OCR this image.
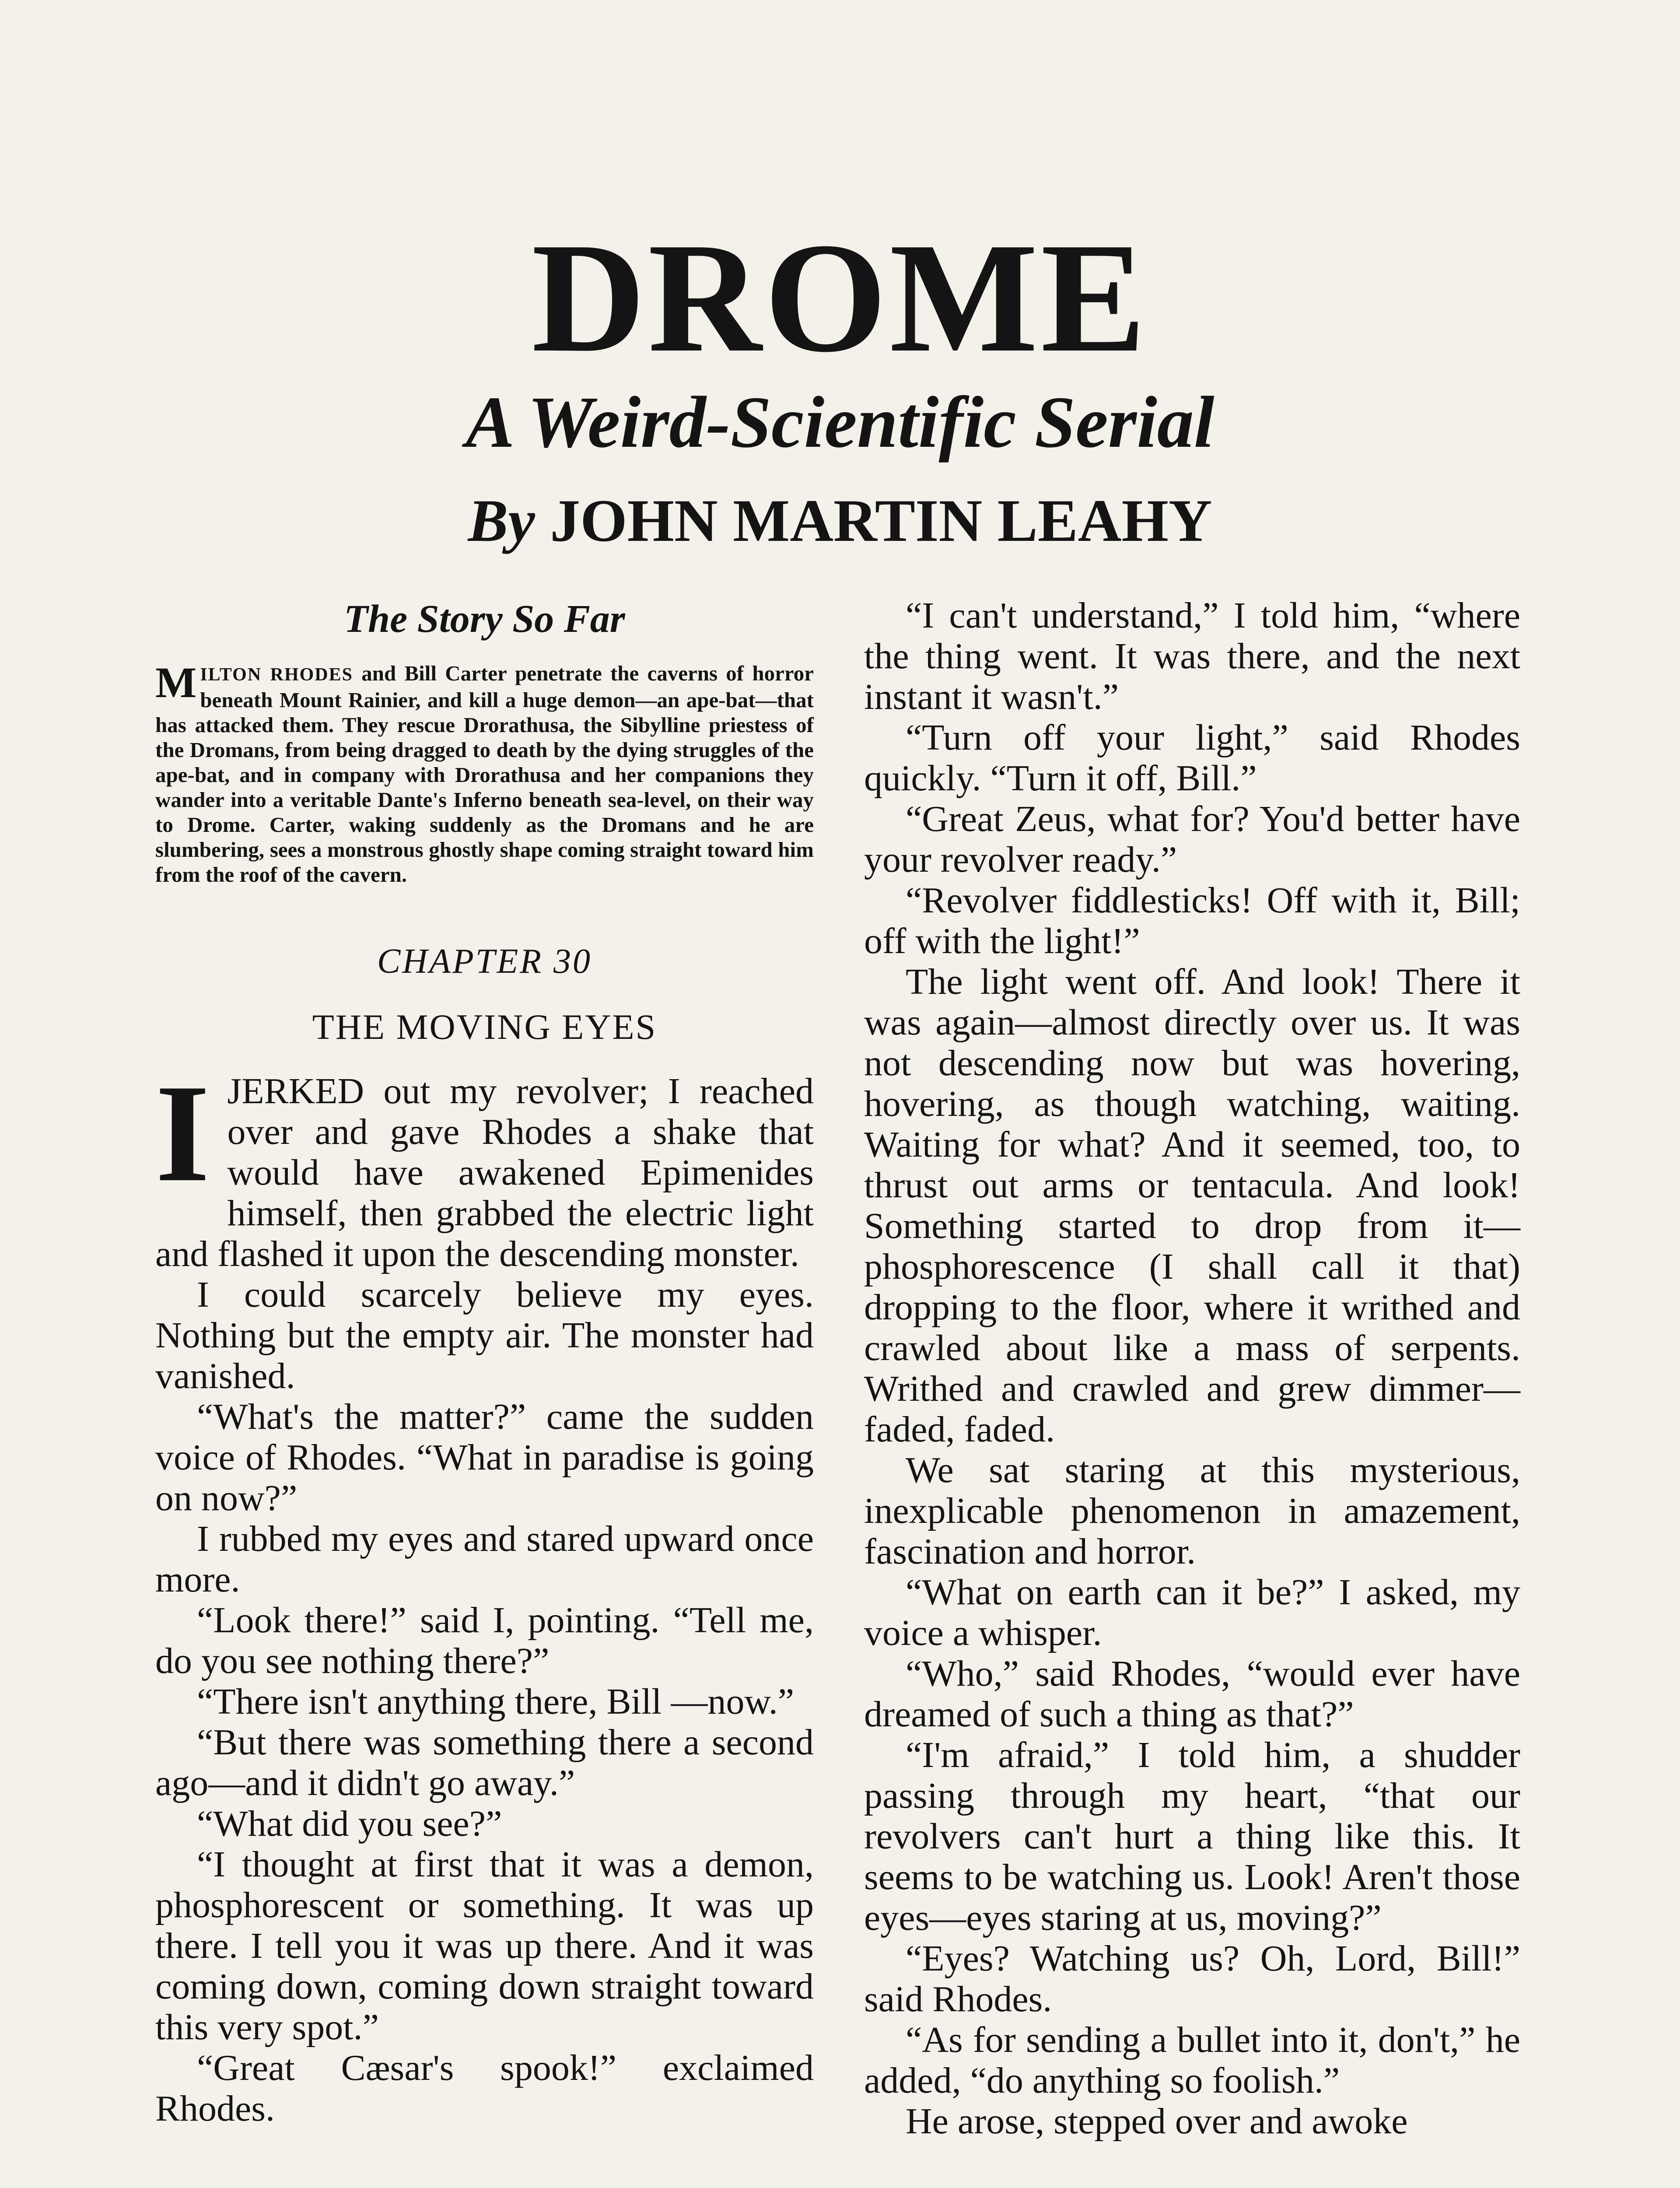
DROME
A Weird-Scientific Serial
By JOHN MARTIN LEAHY
The Story So Far
MILTON RHODES and Bill Carter penetrate the caverns of horror beneath Mount Rainier, and kill a huge demon—an ape-bat—that has attacked them. They rescue Drorathusa, the Sibylline priestess of the Dromans, from being dragged to death by the dying struggles of the ape-bat, and in company with Drorathusa and her companions they wander into a veritable Dante's Inferno beneath sea-level, on their way to Drome. Carter, waking suddenly as the Dromans and he are slumbering, sees a monstrous ghostly shape coming straight toward him from the roof of the cavern.
CHAPTER 30
THE MOVING EYES

IJERKED out my revolver; I reached over and gave Rhodes a shake that would have awakened Epimenides himself, then grabbed the electric light and flashed it upon the descending monster.

I could scarcely believe my eyes. Nothing but the empty air. The monster had vanished.

“What's the matter?” came the sudden voice of Rhodes. “What in paradise is going on now?”

I rubbed my eyes and stared upward once more.

“Look there!” said I, pointing. “Tell me, do you see nothing there?”

“There isn't anything there, Bill —now.”

“But there was something there a second ago—and it didn't go away.”

“What did you see?”

“I thought at first that it was a demon, phosphorescent or something. It was up there. I tell you it was up there. And it was coming down, coming down straight toward this very spot.”

“Great Cæsar's spook!” exclaimed Rhodes.

“I can't understand,” I told him, “where the thing went. It was there, and the next instant it wasn't.”

“Turn off your light,” said Rhodes quickly. “Turn it off, Bill.”

“Great Zeus, what for? You'd better have your revolver ready.”

“Revolver fiddlesticks! Off with it, Bill; off with the light!”

The light went off. And look! There it was again—almost directly over us. It was not descending now but was hovering, hovering, as though watching, waiting. Waiting for what? And it seemed, too, to thrust out arms or tentacula. And look! Something started to drop from it—phosphorescence (I shall call it that) dropping to the floor, where it writhed and crawled about like a mass of serpents. Writhed and crawled and grew dimmer—faded, faded.

We sat staring at this mysterious, inexplicable phenomenon in amazement, fascination and horror.

“What on earth can it be?” I asked, my voice a whisper.

“Who,” said Rhodes, “would ever have dreamed of such a thing as that?”

“I'm afraid,” I told him, a shudder passing through my heart, “that our revolvers can't hurt a thing like this. It seems to be watching us. Look! Aren't those eyes—eyes staring at us, moving?”

“Eyes? Watching us? Oh, Lord, Bill!” said Rhodes.

“As for sending a bullet into it, don't,” he added, “do anything so foolish.”

He arose, stepped over and awoke
